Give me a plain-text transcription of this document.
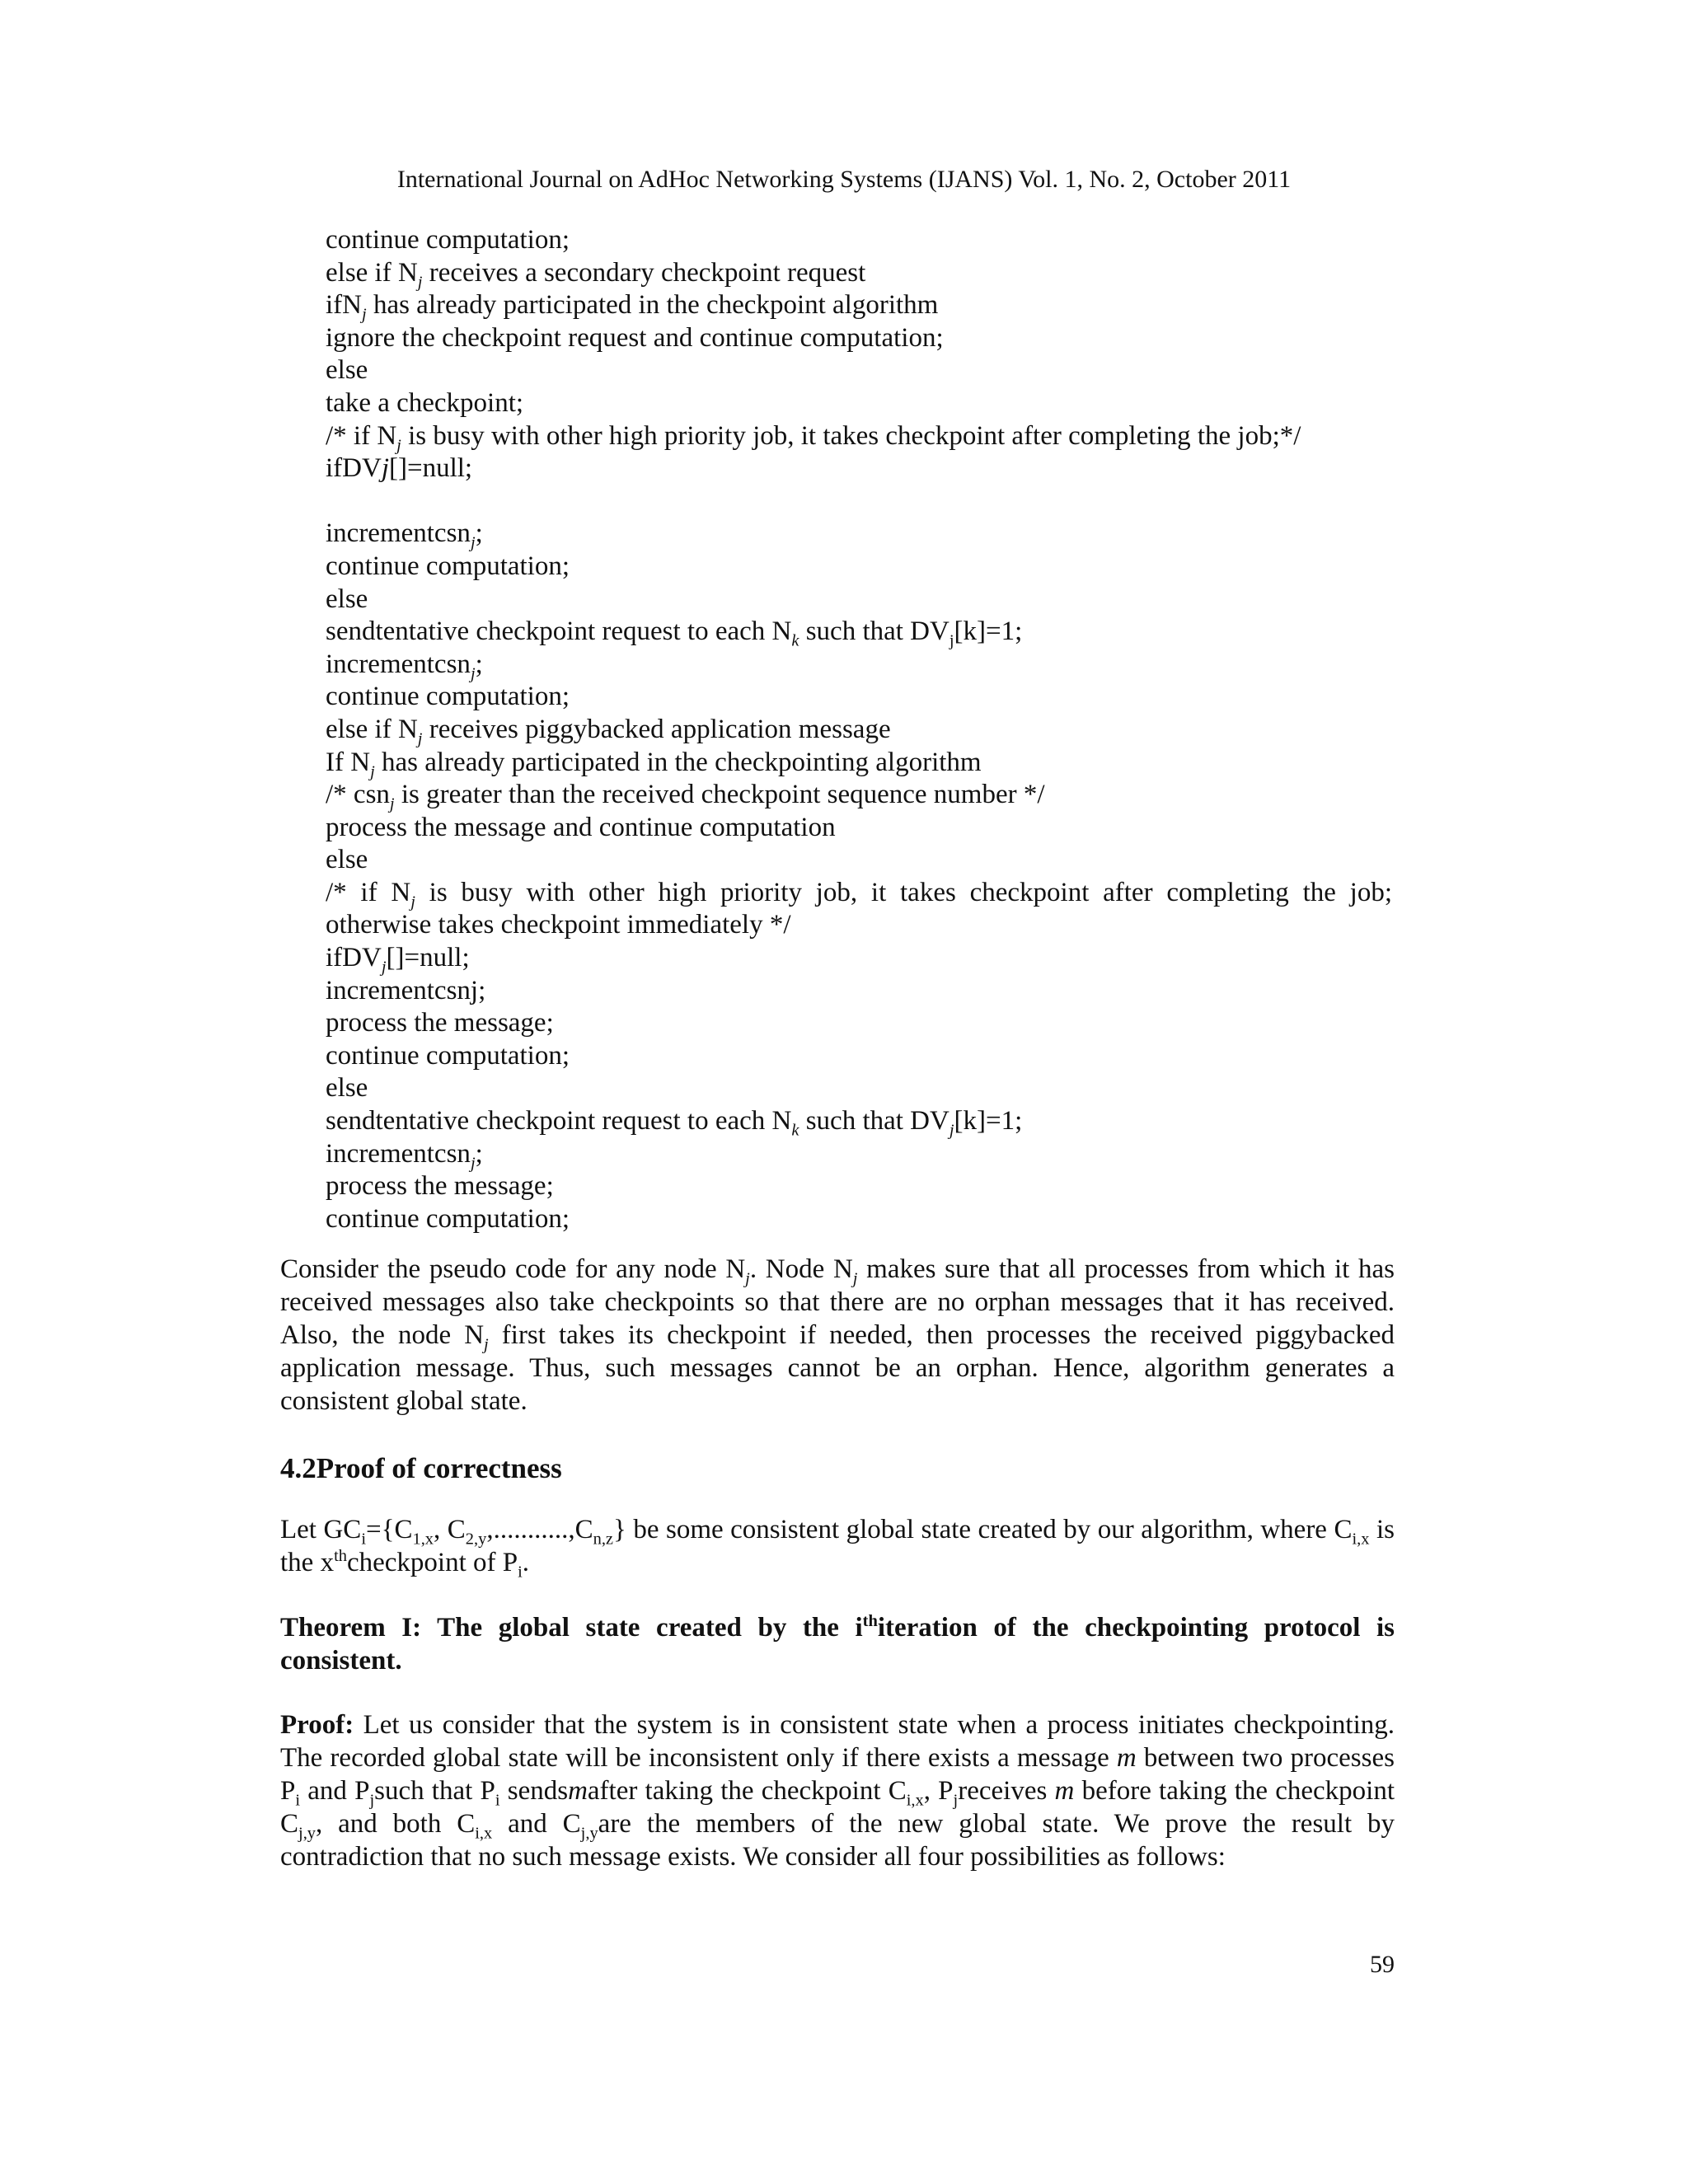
International Journal on AdHoc Networking Systems (IJANS) Vol. 1, No. 2, October 2011
continue computation;
else if $N_j$ receives a secondary checkpoint request
ifN$_j$ has already participated in the checkpoint algorithm
ignore the checkpoint request and continue computation;
else
take a checkpoint;
/* if $N_j$ is busy with other high priority job, it takes checkpoint after completing the job;*/
ifDVj[]=null;
incrementcsn$_j$;
continue computation;
else
sendtentative checkpoint request to each $N_k$ such that $DV_j[k]=1$;
incrementcsn$_j$;
continue computation;
else if $N_j$ receives piggybacked application message
If $N_j$ has already participated in the checkpointing algorithm
/* csn$_j$ is greater than the received checkpoint sequence number */
process the message and continue computation
else
/* if $N_j$ is busy with other high priority job, it takes checkpoint after completing the job;
otherwise takes checkpoint immediately */
ifDV$_j$[]=null;
incrementcsnj;
process the message;
continue computation;
else
sendtentative checkpoint request to each $N_k$ such that $DV_j[k]=1$;
incrementcsn$_j$;
process the message;
continue computation;

Consider the pseudo code for any node $N_j$. Node $N_j$ makes sure that all processes from which it has received messages also take checkpoints so that there are no orphan messages that it has received. Also, the node $N_j$ first takes its checkpoint if needed, then processes the received piggybacked application message. Thus, such messages cannot be an orphan. Hence, algorithm generates a consistent global state.

4.2Proof of correctness

Let $GC_i=\{C_{1,x}$, $C_{2,y},...........,C_{n,z}$} be some consistent global state created by our algorithm, where $C_{i,x}$ is the $x^{th}checkpoint$ of $P_i$.

Theorem I: The global state created by the $i^{th}iteration$ of the checkpointing protocol is consistent.

Proof: Let us consider that the system is in consistent state when a process initiates checkpointing. The recorded global state will be inconsistent only if there exists a message m between two processes $P_i$ and $P_jsuch$ that $P_i$ sendsmafter taking the checkpoint $C_{i,x}$, $P_jreceives$ m before taking the checkpoint $C_{j,y}$, and both $C_{i,x}$ and $C_{j,y}are$ the members of the new global state. We prove the result by contradiction that no such message exists. We consider all four possibilities as follows:

59
